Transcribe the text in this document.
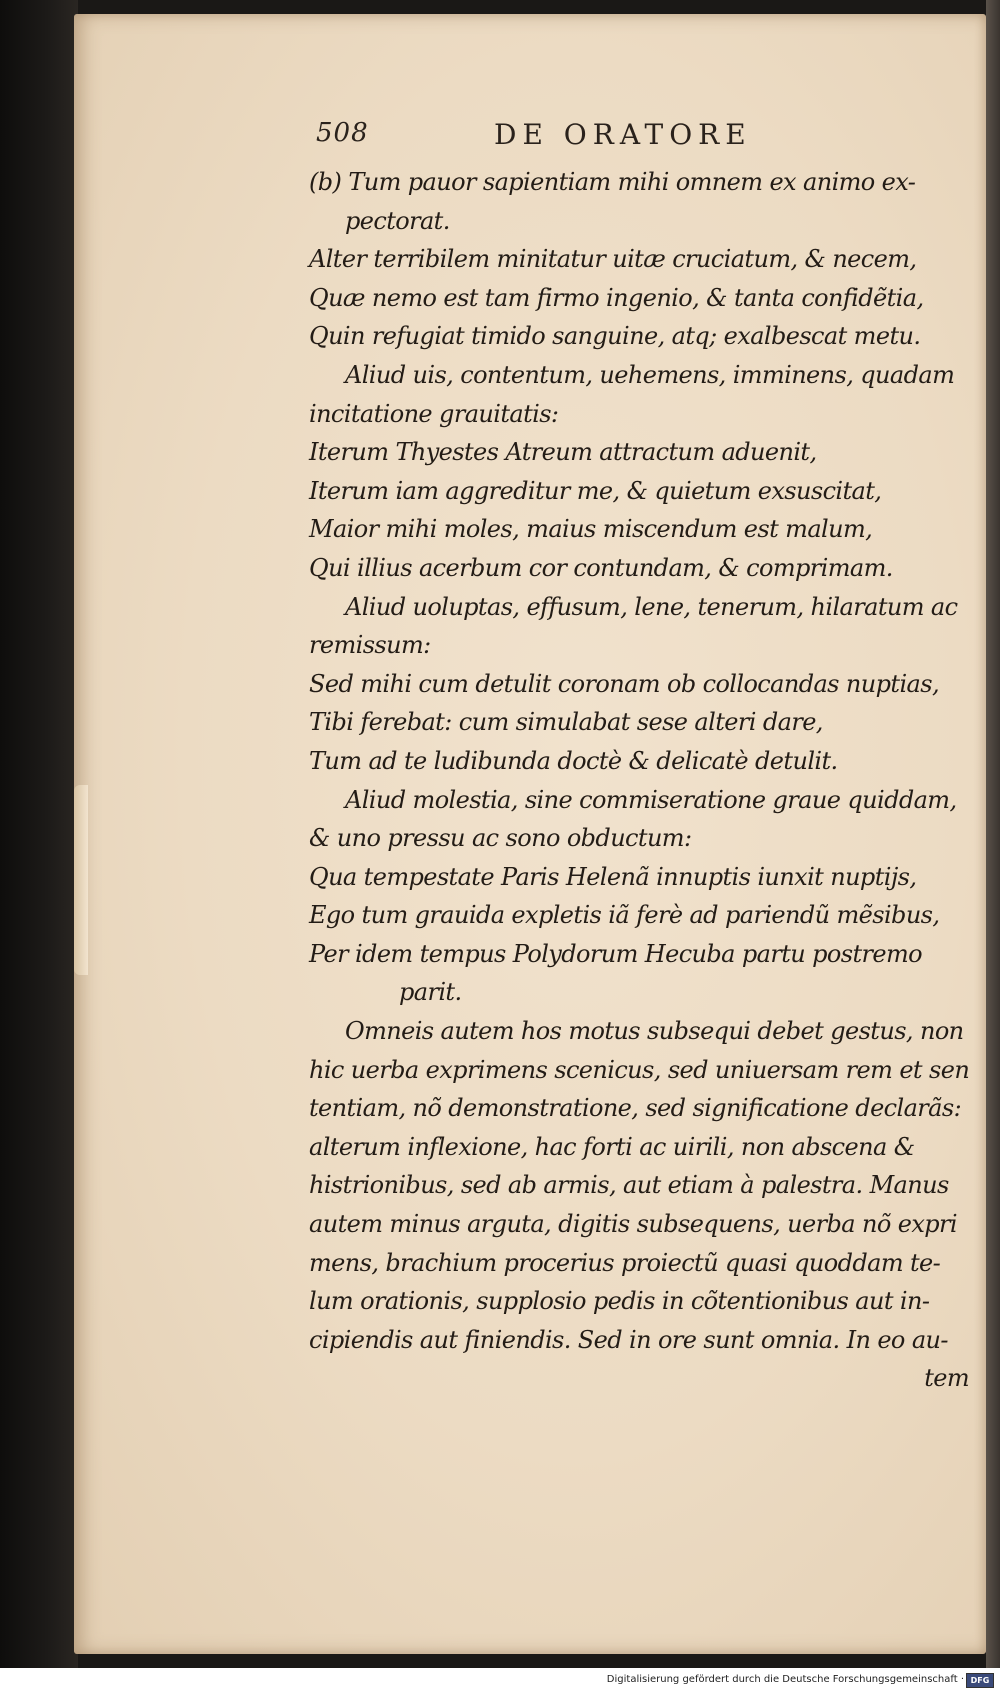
508	DE ORATORE
(b) Tum pauor sapientiam mihi omnem ex animo ex-
pectorat.
Alter terribilem minitatur uitæ cruciatum, & necem,
Quæ nemo est tam firmo ingenio, & tanta confidẽtia,
Quin refugiat timido sanguine, atq; exalbescat metu.
Aliud uis, contentum, uehemens, imminens, quadam
incitatione grauitatis:
Iterum Thyestes Atreum attractum aduenit,
Iterum iam aggreditur me, & quietum exsuscitat,
Maior mihi moles, maius miscendum est malum,
Qui illius acerbum cor contundam, & comprimam.
Aliud uoluptas, effusum, lene, tenerum, hilaratum ac
remissum:
Sed mihi cum detulit coronam ob collocandas nuptias,
Tibi ferebat: cum simulabat sese alteri dare,
Tum ad te ludibunda doctè & delicatè detulit.
Aliud molestia, sine commiseratione graue quiddam,
& uno pressu ac sono obductum:
Qua tempestate Paris Helenã innuptis iunxit nuptijs,
Ego tum grauida expletis iã ferè ad pariendũ mẽsibus,
Per idem tempus Polydorum Hecuba partu postremo
parit.
Omneis autem hos motus subsequi debet gestus, non
hic uerba exprimens scenicus, sed uniuersam rem et sen
tentiam, nõ demonstratione, sed significatione declarãs:
alterum inflexione, hac forti ac uirili, non abscena &
histrionibus, sed ab armis, aut etiam à palestra. Manus
autem minus arguta, digitis subsequens, uerba nõ expri
mens, brachium procerius proiectũ quasi quoddam te-
lum orationis, supplosio pedis in cõtentionibus aut in-
cipiendis aut finiendis. Sed in ore sunt omnia. In eo au-
tem
Digitalisierung gefördert durch die Deutsche Forschungsgemeinschaft · DFG
